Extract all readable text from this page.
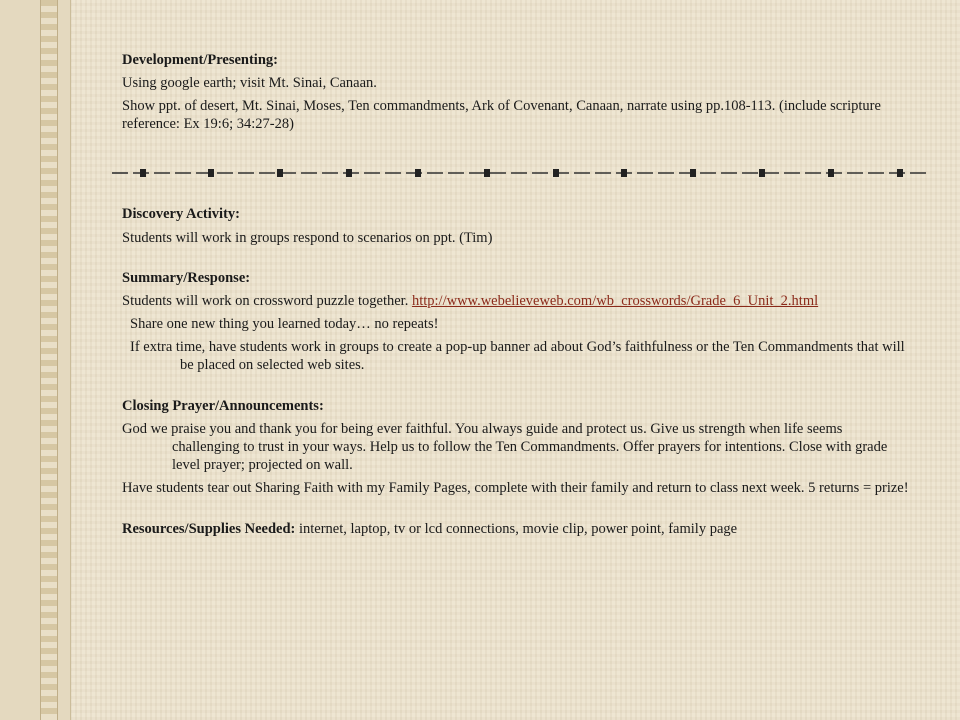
Development/Presenting:

Using google earth; visit Mt. Sinai, Canaan.

Show ppt. of desert, Mt. Sinai, Moses, Ten commandments, Ark of Covenant, Canaan, narrate using pp.108-113. (include scripture reference: Ex 19:6; 34:27-28)

Discovery Activity:

Students will work in groups respond to scenarios on ppt. (Tim)

Summary/Response:

Students will work on crossword puzzle together. http://www.webelieveweb.com/wb_crosswords/Grade_6_Unit_2.html

Share one new thing you learned today… no repeats!

If extra time, have students work in groups to create a pop-up banner ad about God’s faithfulness or the Ten Commandments that will be placed on selected web sites.

Closing Prayer/Announcements:

God we praise you and thank you for being ever faithful. You always guide and protect us. Give us strength when life seems challenging to trust in your ways. Help us to follow the Ten Commandments. Offer prayers for intentions. Close with grade level prayer; projected on wall.

Have students tear out Sharing Faith with my Family Pages, complete with their family and return to class next week. 5 returns = prize!

Resources/Supplies Needed: internet, laptop, tv or lcd connections, movie clip, power point, family page
